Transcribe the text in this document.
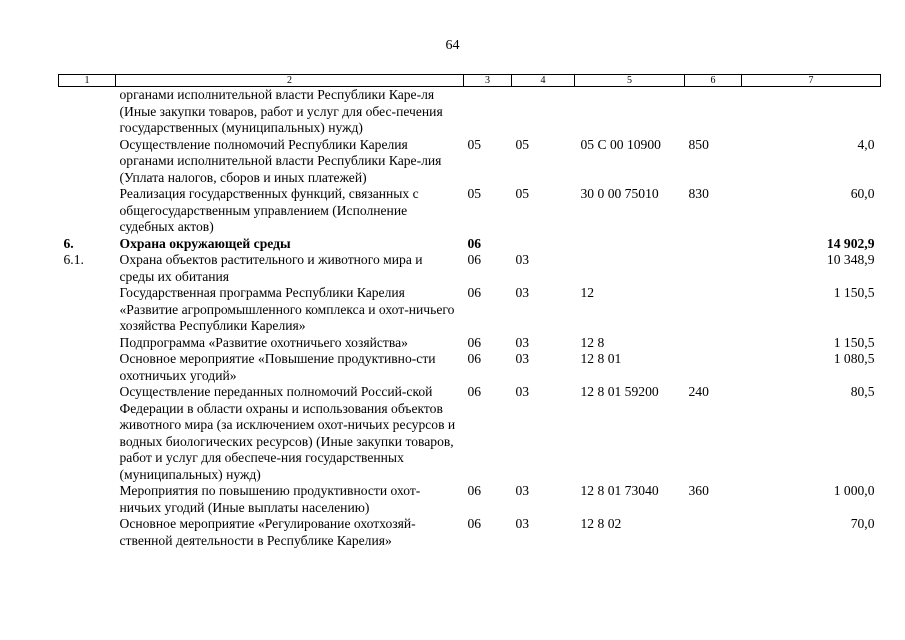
64
1	2	3	4	5	6	7
	органами исполнительной власти Республики Каре-ля (Иные закупки товаров, работ и услуг для обес-печения государственных (муниципальных) нужд)					
	Осуществление полномочий Республики Карелия органами исполнительной власти Республики Каре-лия (Уплата налогов, сборов и иных платежей)	05	05	05 С 00 10900	850	4,0
	Реализация государственных функций, связанных с общегосударственным управлением (Исполнение судебных актов)	05	05	30 0 00 75010	830	60,0
6.	Охрана окружающей среды	06				14 902,9
6.1.	Охрана объектов растительного и животного мира и среды их обитания	06	03			10 348,9
	Государственная программа Республики Карелия «Развитие агропромышленного комплекса и охот-ничьего хозяйства Республики Карелия»	06	03	12		1 150,5
	Подпрограмма «Развитие охотничьего хозяйства»	06	03	12 8		1 150,5
	Основное мероприятие «Повышение продуктивно-сти охотничьих угодий»	06	03	12 8 01		1 080,5
	Осуществление переданных полномочий Россий-ской Федерации в области охраны и использования объектов животного мира (за исключением охот-ничьих ресурсов и водных биологических ресурсов) (Иные закупки товаров, работ и услуг для обеспече-ния государственных (муниципальных) нужд)	06	03	12 8 01 59200	240	80,5
	Мероприятия по повышению продуктивности охот-ничьих угодий (Иные выплаты населению)	06	03	12 8 01 73040	360	1 000,0
	Основное мероприятие «Регулирование охотхозяй-ственной деятельности в Республике Карелия»	06	03	12 8 02		70,0
